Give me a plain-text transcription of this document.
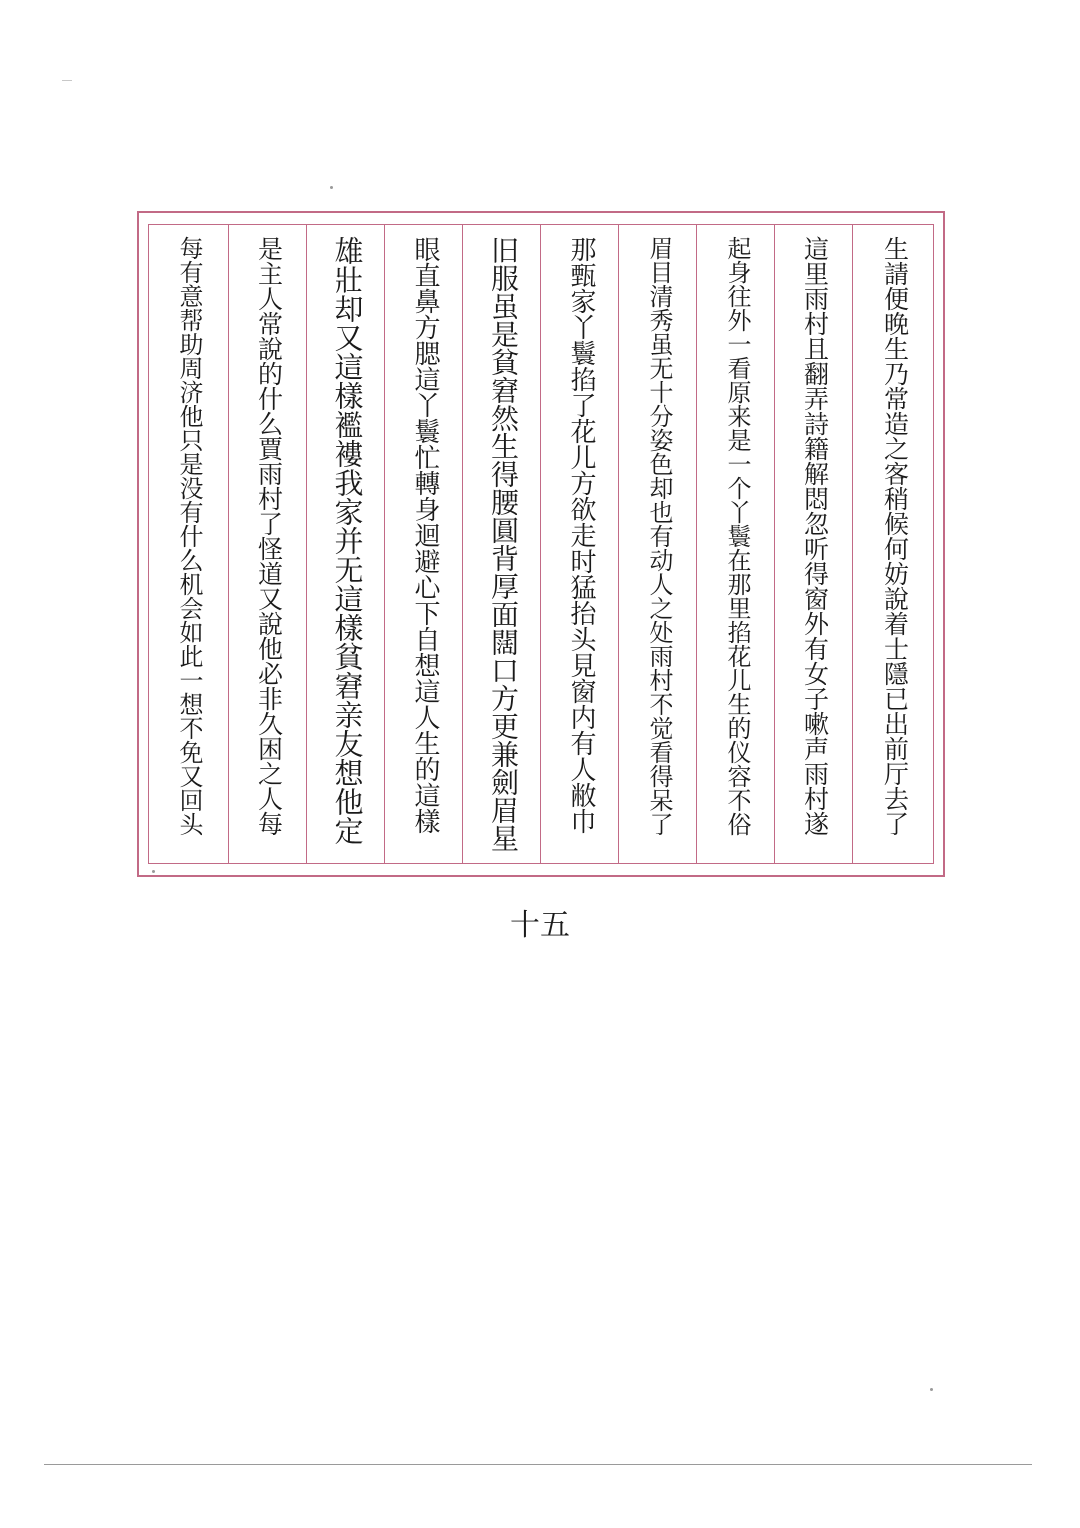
生請便晚生乃常造之客稍候何妨說着士隱已出前厅去了
這里雨村且翻弄詩籍解悶忽听得窗外有女子嗽声雨村遂
起身往外一看原来是一个丫鬟在那里掐花儿生的仪容不俗
眉目清秀虽无十分姿色却也有动人之处雨村不觉看得呆了
那甄家丫鬟掐了花儿方欲走时猛抬头見窗内有人敝巾
旧服虽是貧窘然生得腰圓背厚面闊口方更兼劍眉星
眼直鼻方腮這丫鬟忙轉身迴避心下自想這人生的這樣
雄壯却又這樣襤褸我家并无這樣貧窘亲友想他定
是主人常說的什么賈雨村了怪道又說他必非久困之人每
每有意帮助周济他只是没有什么机会如此一想不免又回头
十五
